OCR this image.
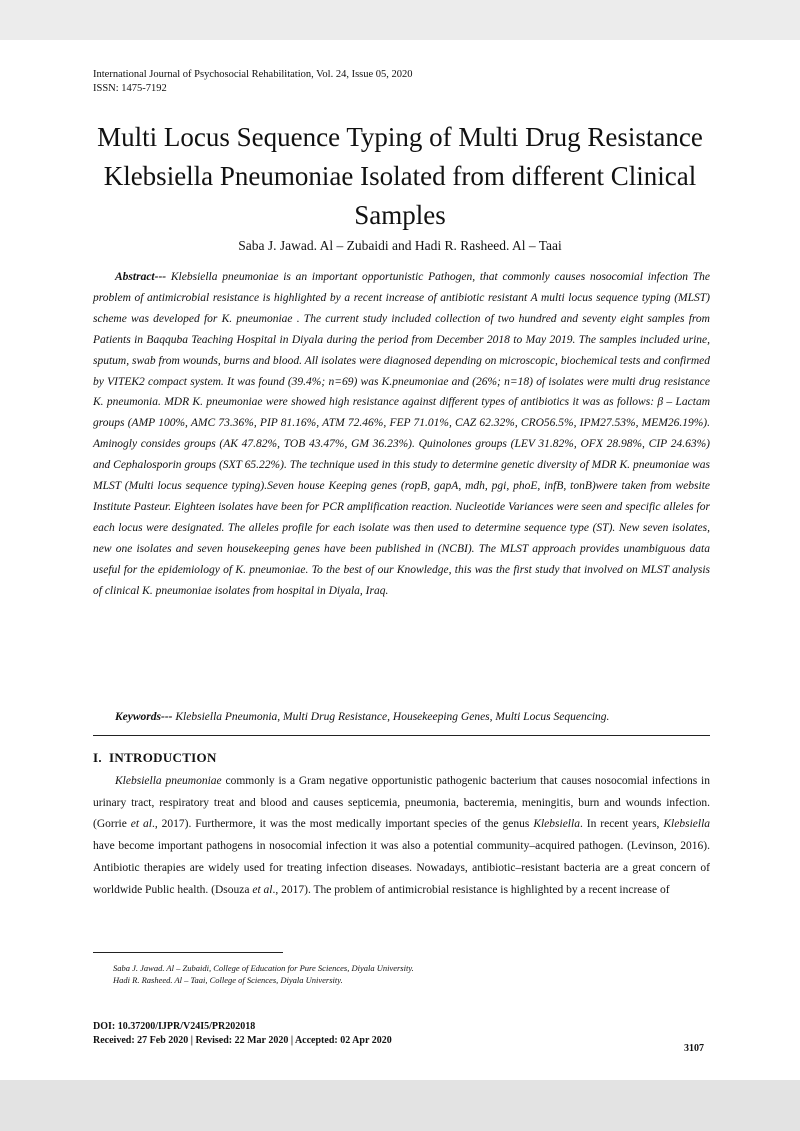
International Journal of Psychosocial Rehabilitation, Vol. 24, Issue 05, 2020
ISSN: 1475-7192
Multi Locus Sequence Typing of Multi Drug Resistance Klebsiella Pneumoniae Isolated from different Clinical Samples
Saba J. Jawad. Al – Zubaidi and Hadi R. Rasheed. Al – Taai

Abstract--- Klebsiella pneumoniae is an important opportunistic Pathogen, that commonly causes nosocomial infection The problem of antimicrobial resistance is highlighted by a recent increase of antibiotic resistant A multi locus sequence typing (MLST) scheme was developed for K. pneumoniae . The current study included collection of two hundred and seventy eight samples from Patients in Baqquba Teaching Hospital in Diyala during the period from December 2018 to May 2019. The samples included urine, sputum, swab from wounds, burns and blood. All isolates were diagnosed depending on microscopic, biochemical tests and confirmed by VITEK2 compact system. It was found (39.4%; n=69) was K.pneumoniae and (26%; n=18) of isolates were multi drug resistance K. pneumonia. MDR K. pneumoniae were showed high resistance against different types of antibiotics it was as follows: β – Lactam groups (AMP 100%, AMC 73.36%, PIP 81.16%, ATM 72.46%, FEP 71.01%, CAZ 62.32%, CRO56.5%, IPM27.53%, MEM26.19%). Aminogly consides groups (AK 47.82%, TOB 43.47%, GM 36.23%). Quinolones groups (LEV 31.82%, OFX 28.98%, CIP 24.63%) and Cephalosporin groups (SXT 65.22%). The technique used in this study to determine genetic diversity of MDR K. pneumoniae was MLST (Multi locus sequence typing).Seven house Keeping genes (ropB, gapA, mdh, pgi, phoE, infB, tonB)were taken from website Institute Pasteur. Eighteen isolates have been for PCR amplification reaction. Nucleotide Variances were seen and specific alleles for each locus were designated. The alleles profile for each isolate was then used to determine sequence type (ST). New seven isolates, new one isolates and seven housekeeping genes have been published in (NCBI). The MLST approach provides unambiguous data useful for the epidemiology of K. pneumoniae. To the best of our Knowledge, this was the first study that involved on MLST analysis of clinical K. pneumoniae isolates from hospital in Diyala, Iraq.

Keywords--- Klebsiella Pneumonia, Multi Drug Resistance, Housekeeping Genes, Multi Locus Sequencing.

I. INTRODUCTION

Klebsiella pneumoniae commonly is a Gram negative opportunistic pathogenic bacterium that causes nosocomial infections in urinary tract, respiratory treat and blood and causes septicemia, pneumonia, bacteremia, meningitis, burn and wounds infection. (Gorrie et al., 2017). Furthermore, it was the most medically important species of the genus Klebsiella. In recent years, Klebsiella have become important pathogens in nosocomial infection it was also a potential community–acquired pathogen. (Levinson, 2016). Antibiotic therapies are widely used for treating infection diseases. Nowadays, antibiotic–resistant bacteria are a great concern of worldwide Public health. (Dsouza et al., 2017). The problem of antimicrobial resistance is highlighted by a recent increase of

Saba J. Jawad. Al – Zubaidi, College of Education for Pure Sciences, Diyala University.
Hadi R. Rasheed. Al – Taai, College of Sciences, Diyala University.
DOI: 10.37200/IJPR/V24I5/PR202018
Received: 27 Feb 2020 | Revised: 22 Mar 2020 | Accepted: 02 Apr 2020
3107
